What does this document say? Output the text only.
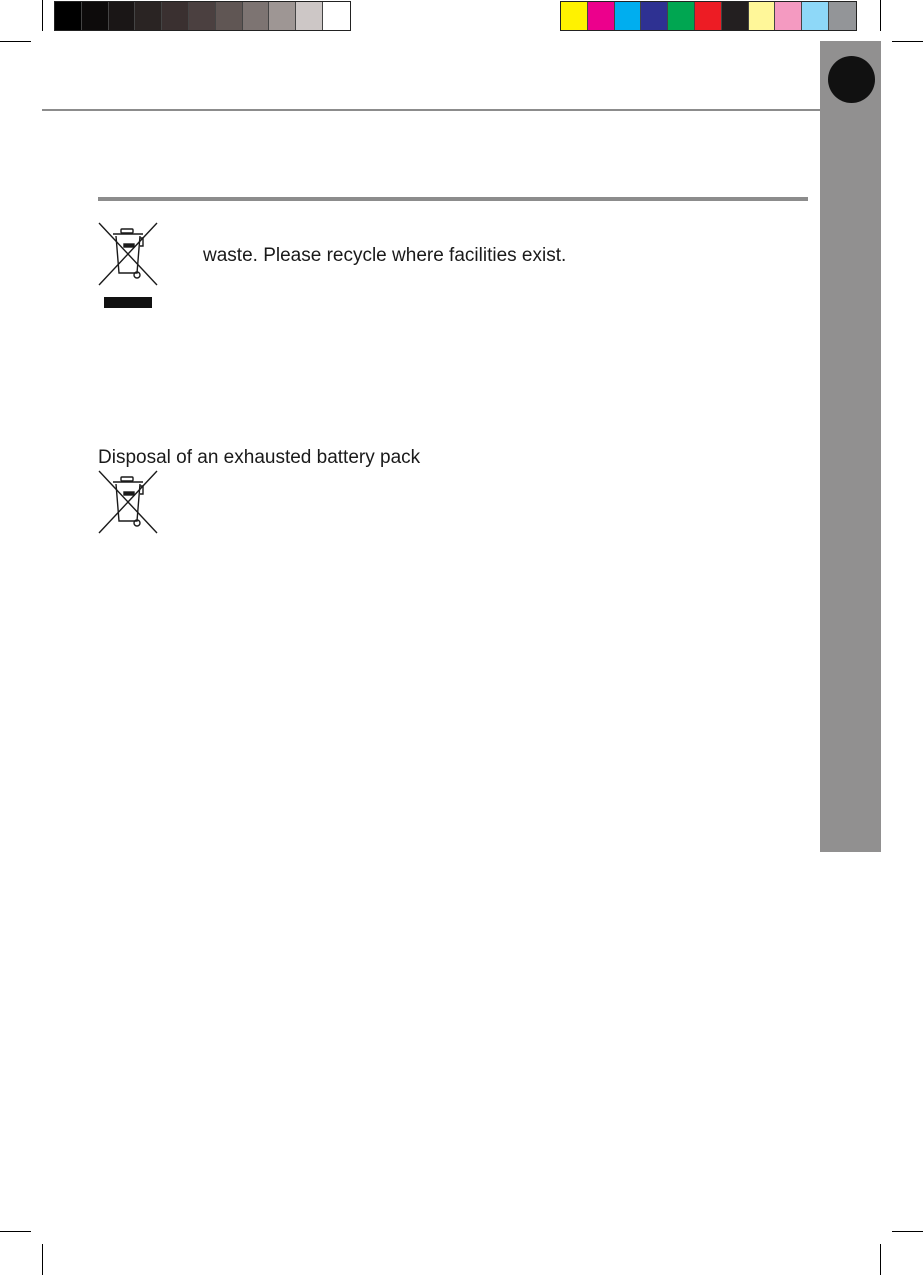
waste. Please recycle where facilities exist.
Disposal of an exhausted battery pack
